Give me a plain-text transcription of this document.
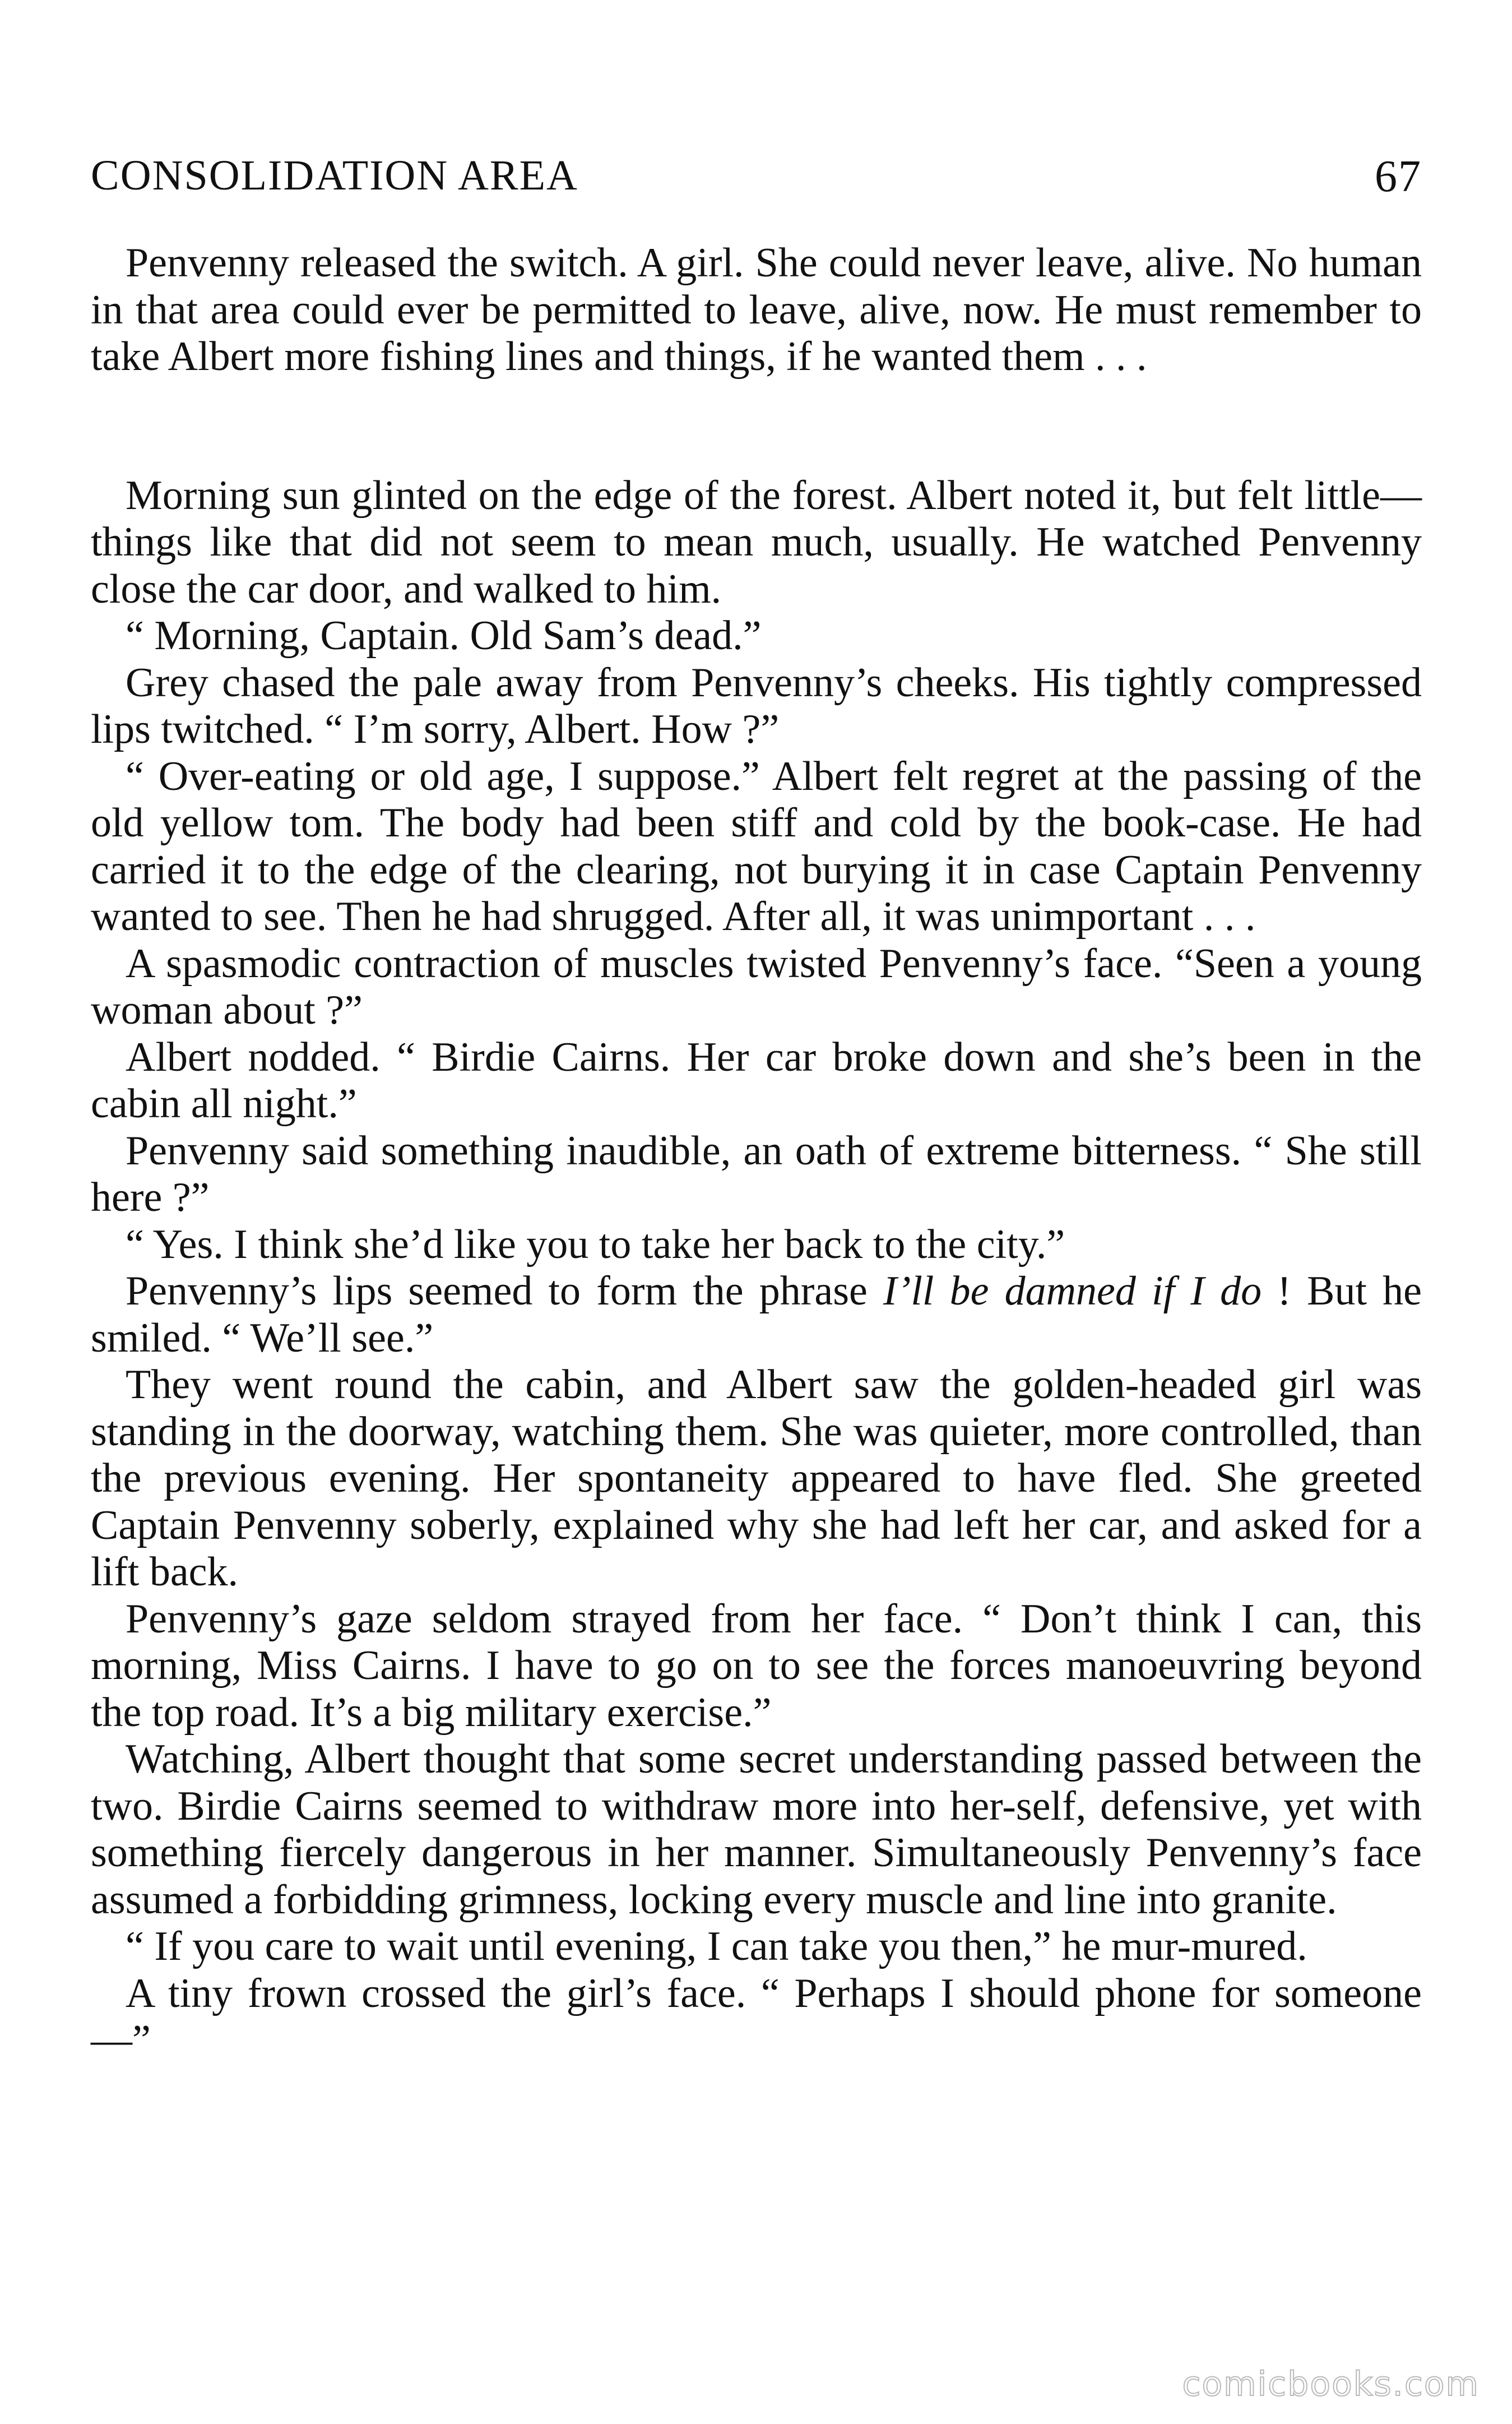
CONSOLIDATION AREA	67

Penvenny released the switch. A girl. She could never leave, alive. No human in that area could ever be permitted to leave, alive, now. He must remember to take Albert more fishing lines and things, if he wanted them . . .

Morning sun glinted on the edge of the forest. Albert noted it, but felt little—things like that did not seem to mean much, usually. He watched Penvenny close the car door, and walked to him.

“ Morning, Captain. Old Sam’s dead.”

Grey chased the pale away from Penvenny’s cheeks. His tightly compressed lips twitched. “ I’m sorry, Albert. How ?”

“ Over-eating or old age, I suppose.” Albert felt regret at the passing of the old yellow tom. The body had been stiff and cold by the book-case. He had carried it to the edge of the clearing, not burying it in case Captain Penvenny wanted to see. Then he had shrugged. After all, it was unimportant . . .

A spasmodic contraction of muscles twisted Penvenny’s face. “Seen a young woman about ?”

Albert nodded. “ Birdie Cairns. Her car broke down and she’s been in the cabin all night.”

Penvenny said something inaudible, an oath of extreme bitterness. “ She still here ?”

“ Yes. I think she’d like you to take her back to the city.”

Penvenny’s lips seemed to form the phrase I’ll be damned if I do ! But he smiled. “ We’ll see.”

They went round the cabin, and Albert saw the golden-headed girl was standing in the doorway, watching them. She was quieter, more controlled, than the previous evening. Her spontaneity appeared to have fled. She greeted Captain Penvenny soberly, explained why she had left her car, and asked for a lift back.

Penvenny’s gaze seldom strayed from her face. “ Don’t think I can, this morning, Miss Cairns. I have to go on to see the forces manoeuvring beyond the top road. It’s a big military exercise.”

Watching, Albert thought that some secret understanding passed between the two. Birdie Cairns seemed to withdraw more into her-self, defensive, yet with something fiercely dangerous in her manner. Simultaneously Penvenny’s face assumed a forbidding grimness, locking every muscle and line into granite.

“ If you care to wait until evening, I can take you then,” he mur-mured.

A tiny frown crossed the girl’s face. “ Perhaps I should phone for someone—”

comicbooks.com
